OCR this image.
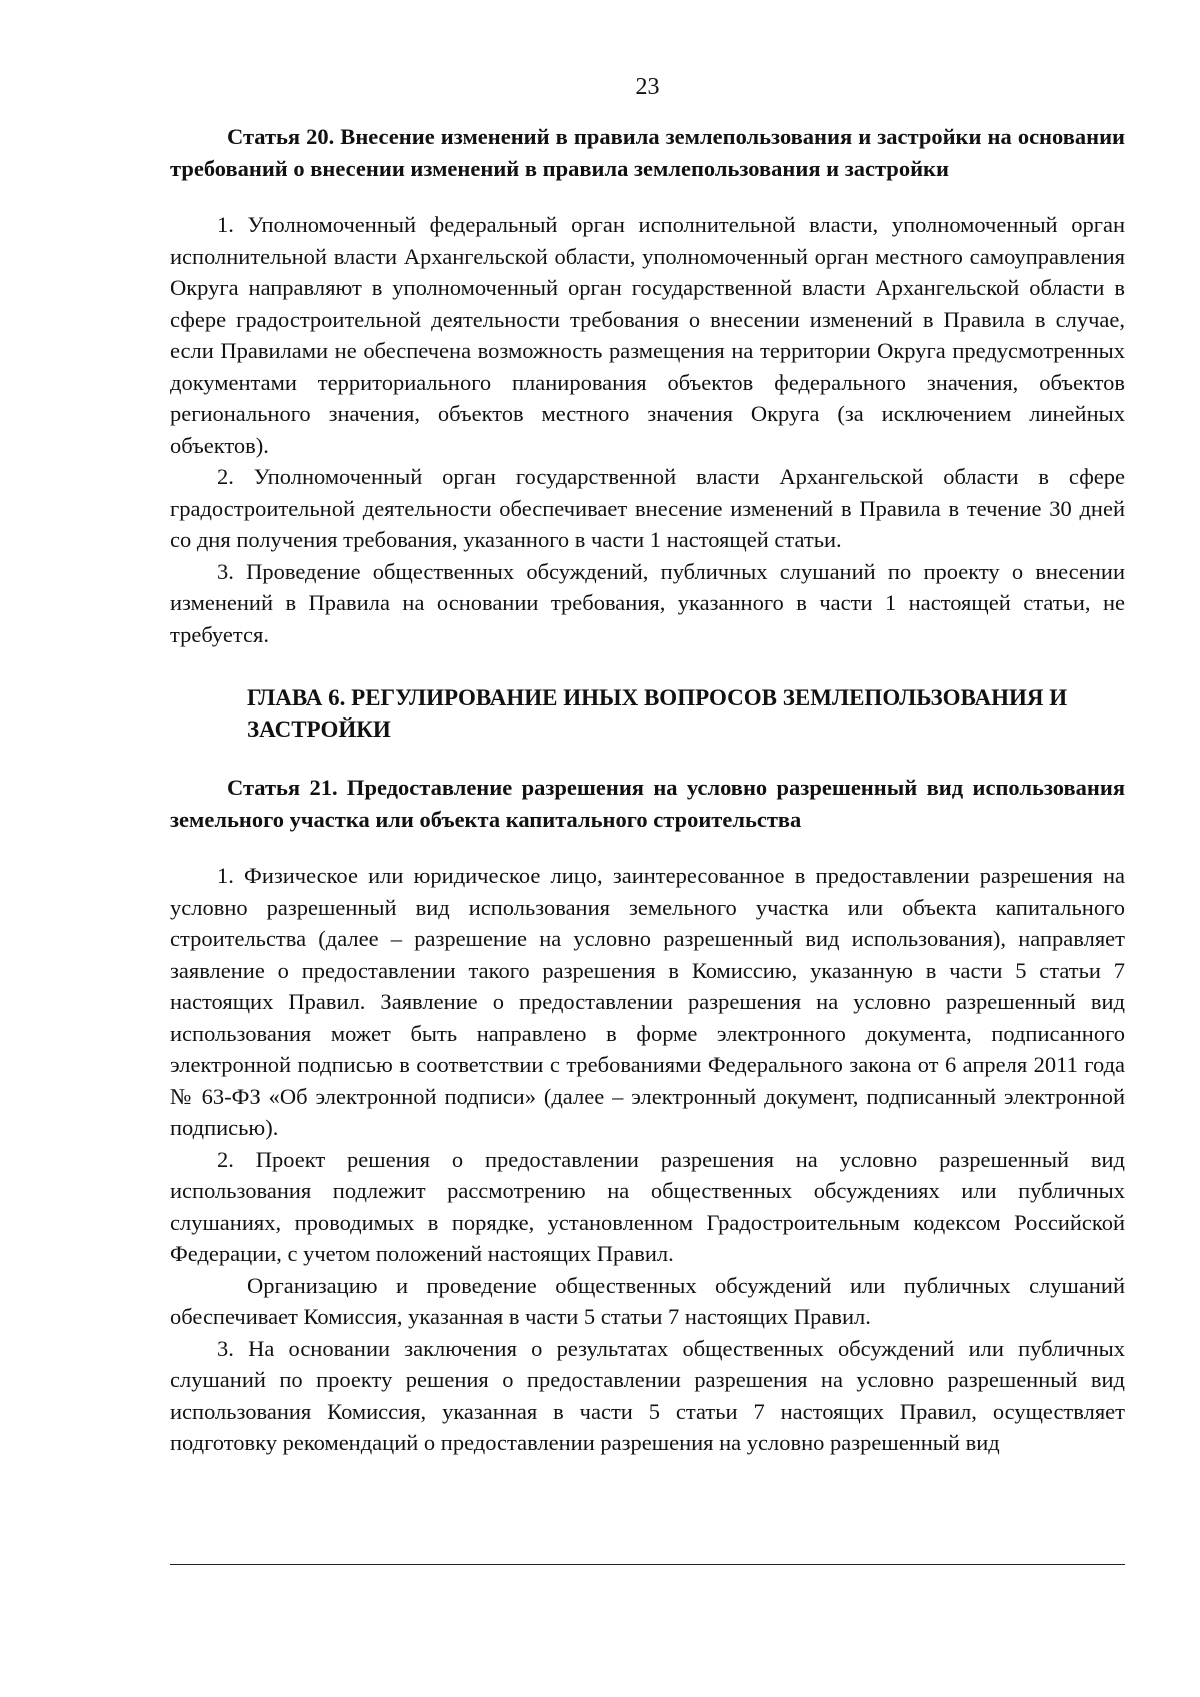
23

Статья 20. Внесение изменений в правила землепользования и застройки на основании требований о внесении изменений в правила землепользования и застройки

1. Уполномоченный федеральный орган исполнительной власти, уполномоченный орган исполнительной власти Архангельской области, уполномоченный орган местного самоуправления Округа направляют в уполномоченный орган государственной власти Архангельской области в сфере градостроительной деятельности требования о внесении изменений в Правила в случае, если Правилами не обеспечена возможность размещения на территории Округа предусмотренных документами территориального планирования объектов федерального значения, объектов регионального значения, объектов местного значения Округа (за исключением линейных объектов).

2. Уполномоченный орган государственной власти Архангельской области в сфере градостроительной деятельности обеспечивает внесение изменений в Правила в течение 30 дней со дня получения требования, указанного в части 1 настоящей статьи.

3. Проведение общественных обсуждений, публичных слушаний по проекту о внесении изменений в Правила на основании требования, указанного в части 1 настоящей статьи, не требуется.

ГЛАВА 6. РЕГУЛИРОВАНИЕ ИНЫХ ВОПРОСОВ ЗЕМЛЕПОЛЬЗОВАНИЯ И ЗАСТРОЙКИ

Статья 21. Предоставление разрешения на условно разрешенный вид использования земельного участка или объекта капитального строительства

1. Физическое или юридическое лицо, заинтересованное в предоставлении разрешения на условно разрешенный вид использования земельного участка или объекта капитального строительства (далее – разрешение на условно разрешенный вид использования), направляет заявление о предоставлении такого разрешения в Комиссию, указанную в части 5 статьи 7 настоящих Правил. Заявление о предоставлении разрешения на условно разрешенный вид использования может быть направлено в форме электронного документа, подписанного электронной подписью в соответствии с требованиями Федерального закона от 6 апреля 2011 года № 63-ФЗ «Об электронной подписи» (далее – электронный документ, подписанный электронной подписью).

2. Проект решения о предоставлении разрешения на условно разрешенный вид использования подлежит рассмотрению на общественных обсуждениях или публичных слушаниях, проводимых в порядке, установленном Градостроительным кодексом Российской Федерации, с учетом положений настоящих Правил.

Организацию и проведение общественных обсуждений или публичных слушаний обеспечивает Комиссия, указанная в части 5 статьи 7 настоящих Правил.

3. На основании заключения о результатах общественных обсуждений или публичных слушаний по проекту решения о предоставлении разрешения на условно разрешенный вид использования Комиссия, указанная в части 5 статьи 7 настоящих Правил, осуществляет подготовку рекомендаций о предоставлении разрешения на условно разрешенный вид
